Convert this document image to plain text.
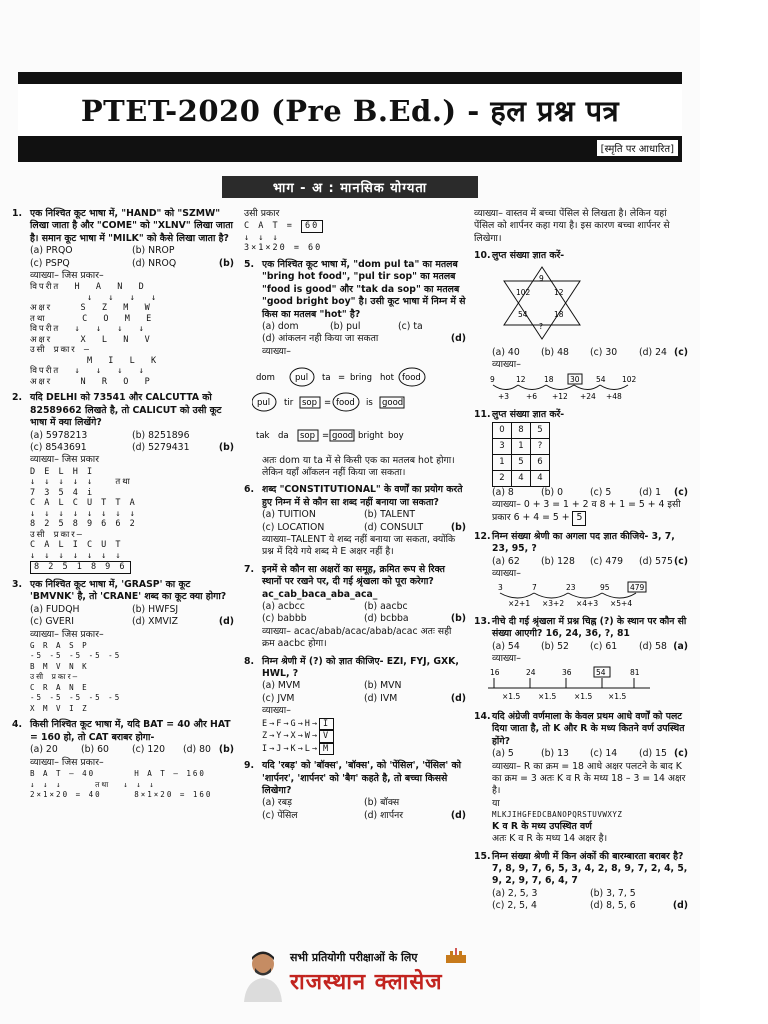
PTET-2020 (Pre B.Ed.) - हल प्रश्न पत्र
[स्मृति पर आधारित]
भाग - अ : मानसिक योग्यता
1. एक निश्चित कूट भाषा में, "HAND" को "SZMW" लिखा जाता है और "COME" को "XLNV" लिखा जाता है। समान कूट भाषा में "MILK" को कैसे लिखा जाता है?
(a) PRQO	(b) NROP
(c) PSPQ	(d) NROQ	(b)
व्याख्या– जिस प्रकार–
विपरीत  H  A  N  D
↓  ↓  ↓  ↓
अक्षर    S  Z  M  W
तथा     C  O  M  E
विपरीत  ↓  ↓  ↓  ↓
अक्षर    X  L  N  V
उसी प्रकार –
M  I  L  K
विपरीत  ↓  ↓  ↓  ↓
अक्षर    N  R  O  P
2. यदि DELHI को 73541 और CALCUTTA को 82589662 लिखते है, तो CALICUT को उसी कूट भाषा में क्या लिखेंगे?
(a) 5978213	(b) 8251896
(c) 8543691	(d) 5279431	(b)
व्याख्या– जिस प्रकार
D E L H I
↓ ↓ ↓ ↓ ↓   तथा
7 3 5 4 i
C A L C U T T A
↓ ↓ ↓ ↓ ↓ ↓ ↓ ↓
8 2 5 8 9 6 6 2
उसी प्रकार–
C A L I C U T
↓ ↓ ↓ ↓ ↓ ↓ ↓
8 2 5 1 8 9 6
3. एक निश्चित कूट भाषा में, 'GRASP' का कूट 'BMVNK' है, तो 'CRANE' शब्द का कूट क्या होगा?
(a) FUDQH	(b) HWFSJ
(c) GVERI	(d) XMVIZ	(d)
व्याख्या– जिस प्रकार–
G R A S P
-5 -5 -5 -5 -5
B M V N K
उसी प्रकार–
C R A N E
-5 -5 -5 -5 -5
X M V I Z
4. किसी निश्चित कूट भाषा में, यदि BAT = 40 और HAT = 160 हो, तो CAT बराबर होगा-
(a) 20	(b) 60	(c) 120	(d) 80 (b)
व्याख्या– जिस प्रकार–
B A T – 40      H A T – 160
↓ ↓ ↓     तथा  ↓ ↓ ↓
2×1×20 = 40     8×1×20 = 160
उसी प्रकार
C A T = 60
↓ ↓ ↓
3×1×20 = 60
5. एक निश्चित कूट भाषा में, "dom pul ta" का मतलब "bring hot food", "pul tir sop" का मतलब "food is good" और "tak da sop" का मतलब "good bright boy" है। उसी कूट भाषा में निम्न में से किस का मतलब "hot" है?
(a) dom	(b) pul	(c) ta
(d) आंकलन नही किया जा सकता	(d)
व्याख्या–
dom pul ta = bring hot food
pul tir sop = food is good
tak da sop = good bright boy
अतः dom या ta में से किसी एक का मतलब hot होगा। लेकिन यहाँ आँकलन नहीं किया जा सकता।
6. शब्द "CONSTITUTIONAL" के वर्णों का प्रयोग करते हुए निम्न में से कौन सा शब्द नहीं बनाया जा सकता?
(a) TUITION	(b) TALENT
(c) LOCATION	(d) CONSULT	(b)
व्याख्या–TALENT ये शब्द नहीं बनाया जा सकता, क्योंकि प्रश्न में दिये गये शब्द मे E अक्षर नहीं है।
7. इनमें से कौन सा अक्षरों का समूह, क्रमित रूप से रिक्त स्थानों पर रखने पर, दी गई श्रृंखला को पूरा करेगा?
ac_cab_baca_aba_aca_
(a) acbcc	(b) aacbc
(c) babbb	(d) bcbba	(b)
व्याख्या– acac/abab/acac/abab/acac अतः सही क्रम aacbc होगा।
8. निम्न श्रेणी में (?) को ज्ञात कीजिए- EZI, FYJ, GXK, HWL, ?
(a) MVM	(b) MVN
(c) JVM	(d) IVM	(d)
व्याख्या–
E→F→G→H→ I
Z→Y→X→W→ V
I→J→K→L→ M
9. यदि 'रबड़' को 'बॉक्स', 'बॉक्स', को 'पेंसिल', 'पेंसिल' को 'शार्पनर', 'शार्पनर' को 'बैग' कहते है, तो बच्चा किससे लिखेगा?
(a) रबड़	(b) बॉक्स
(c) पेंसिल	(d) शार्पनर	(d)
व्याख्या– वास्तव में बच्चा पेंसिल से लिखता है। लेकिन यहां पेंसिल को शार्पनर कहा गया है। इस कारण बच्चा शार्पनर से लिखेगा।
10. लुप्त संख्या ज्ञात करें-
9
12
54	18
102
?
(a) 40	(b) 48	(c) 30	(d) 24 (c)
व्याख्या–
9	12 18 30 54 102
+3 +6 +12 +24 +48
11. लुप्त संख्या ज्ञात करें-
0	8	5
3	1	?
1	5	6
2	4	4
(a) 8	(b) 0	(c) 5	(d) 1 (c)
व्याख्या– 0 + 3 = 1 + 2 व 8 + 1 = 5 + 4 इसी प्रकार 6 + 4 = 5 + 5
12. निम्न संख्या श्रेणी का अगला पद ज्ञात कीजिये- 3, 7, 23, 95, ?
(a) 62	(b) 128	(c) 479	(d) 575 (c)
व्याख्या–
3	7	23	95	479
×2+1 ×3+2 ×4+3 ×5+4
13. नीचे दी गई श्रृंखला में प्रश्न चिह्न (?) के स्थान पर कौन सी संख्या आएगी? 16, 24, 36, ?, 81
(a) 54	(b) 52	(c) 61	(d) 58 (a)
व्याख्या–
16	24	36	54	81
×1.5 ×1.5 ×1.5 ×1.5
14. यदि अंग्रेजी वर्णमाला के केवल प्रथम आधे वर्णों को पलट दिया जाता है, तो K और R के मध्य कितने वर्ण उपस्थित होंगे?
(a) 5	(b) 13	(c) 14	(d) 15 (c)
व्याख्या– R का क्रम = 18 आधे अक्षर पलटने के बाद K का क्रम = 3 अतः K व R के मध्य 18 – 3 = 14 अक्षर है।
या
MLKJIHGFEDCBANOPQRSTUVWXYZ
K व R के मध्य उपस्थित वर्ण
अतः K व R के मध्य 14 अक्षर है।
15. निम्न संख्या श्रेणी में किन अंकों की बारम्बारता बराबर है? 7, 8, 9, 7, 6, 5, 3, 4, 2, 8, 9, 7, 2, 4, 5, 9, 2, 9, 7, 6, 4, 7
(a) 2, 5, 3	(b) 3, 7, 5
(c) 2, 5, 4	(d) 8, 5, 6	(d)
सभी प्रतियोगी परीक्षाओं के लिए
राजस्थान क्लासेज
